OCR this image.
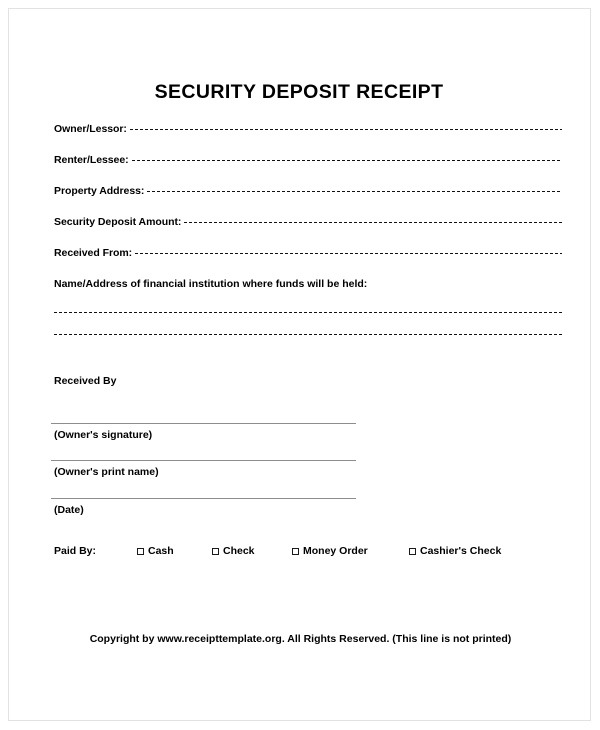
SECURITY DEPOSIT RECEIPT
Owner/Lessor:
Renter/Lessee:
Property Address:
Security Deposit Amount:
Received From:
Name/Address of financial institution where funds will be held:
Received By
(Owner's signature)
(Owner's print name)
(Date)
Paid By:	Cash	Check	Money Order	Cashier's Check
Copyright by www.receipttemplate.org. All Rights Reserved. (This line is not printed)
